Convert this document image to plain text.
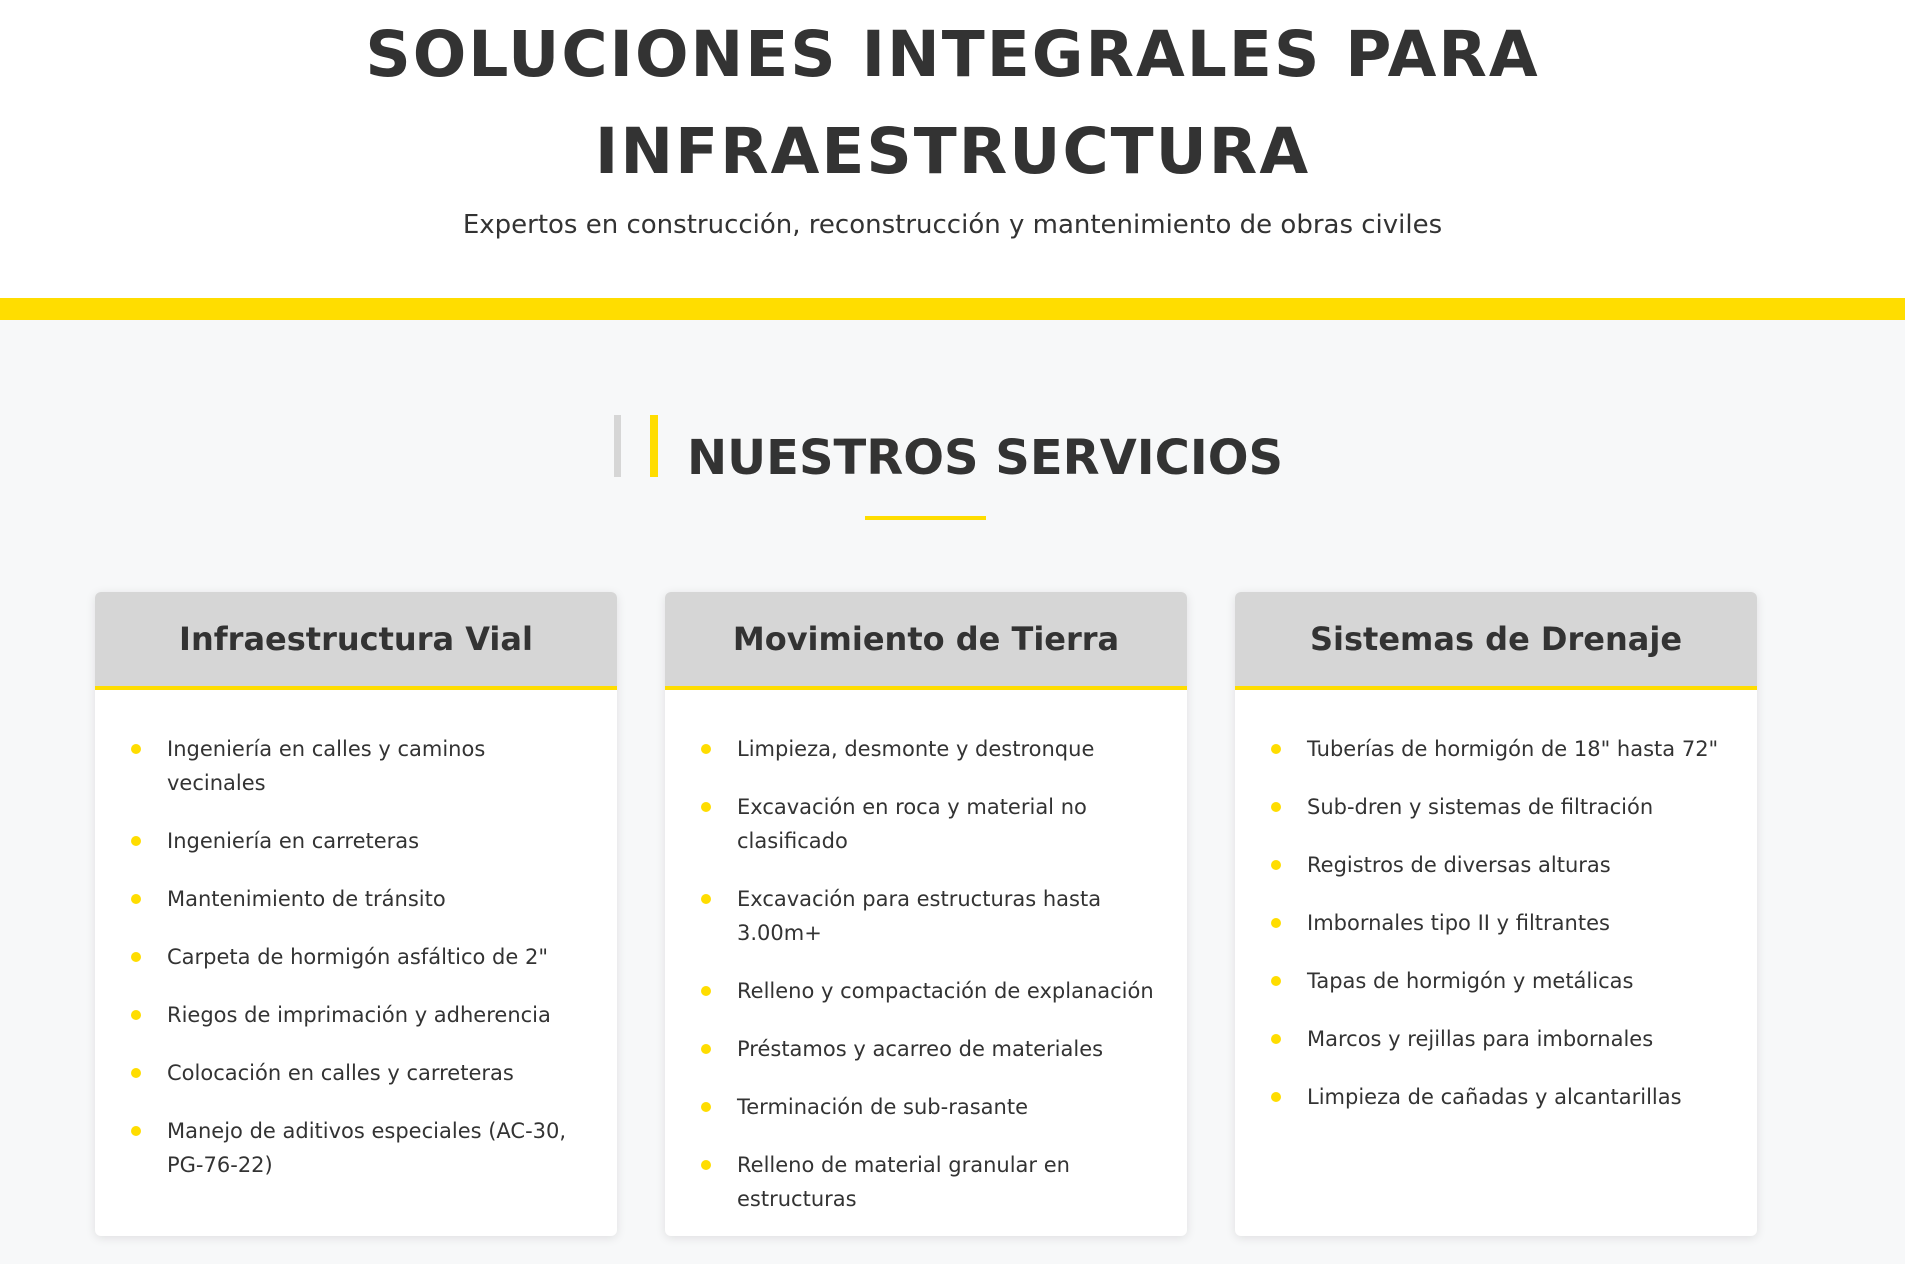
SOLUCIONES INTEGRALES PARA INFRAESTRUCTURA

Expertos en construcción, reconstrucción y mantenimiento de obras civiles

NUESTROS SERVICIOS
Infraestructura Vial
Ingeniería en calles y caminos vecinales
Ingeniería en carreteras
Mantenimiento de tránsito
Carpeta de hormigón asfáltico de 2"
Riegos de imprimación y adherencia
Colocación en calles y carreteras
Manejo de aditivos especiales (AC-30, PG-76-22)
Movimiento de Tierra
Limpieza, desmonte y destronque
Excavación en roca y material no clasificado
Excavación para estructuras hasta 3.00m+
Relleno y compactación de explanación
Préstamos y acarreo de materiales
Terminación de sub-rasante
Relleno de material granular en estructuras
Sistemas de Drenaje
Tuberías de hormigón de 18" hasta 72"
Sub-dren y sistemas de filtración
Registros de diversas alturas
Imbornales tipo II y filtrantes
Tapas de hormigón y metálicas
Marcos y rejillas para imbornales
Limpieza de cañadas y alcantarillas
